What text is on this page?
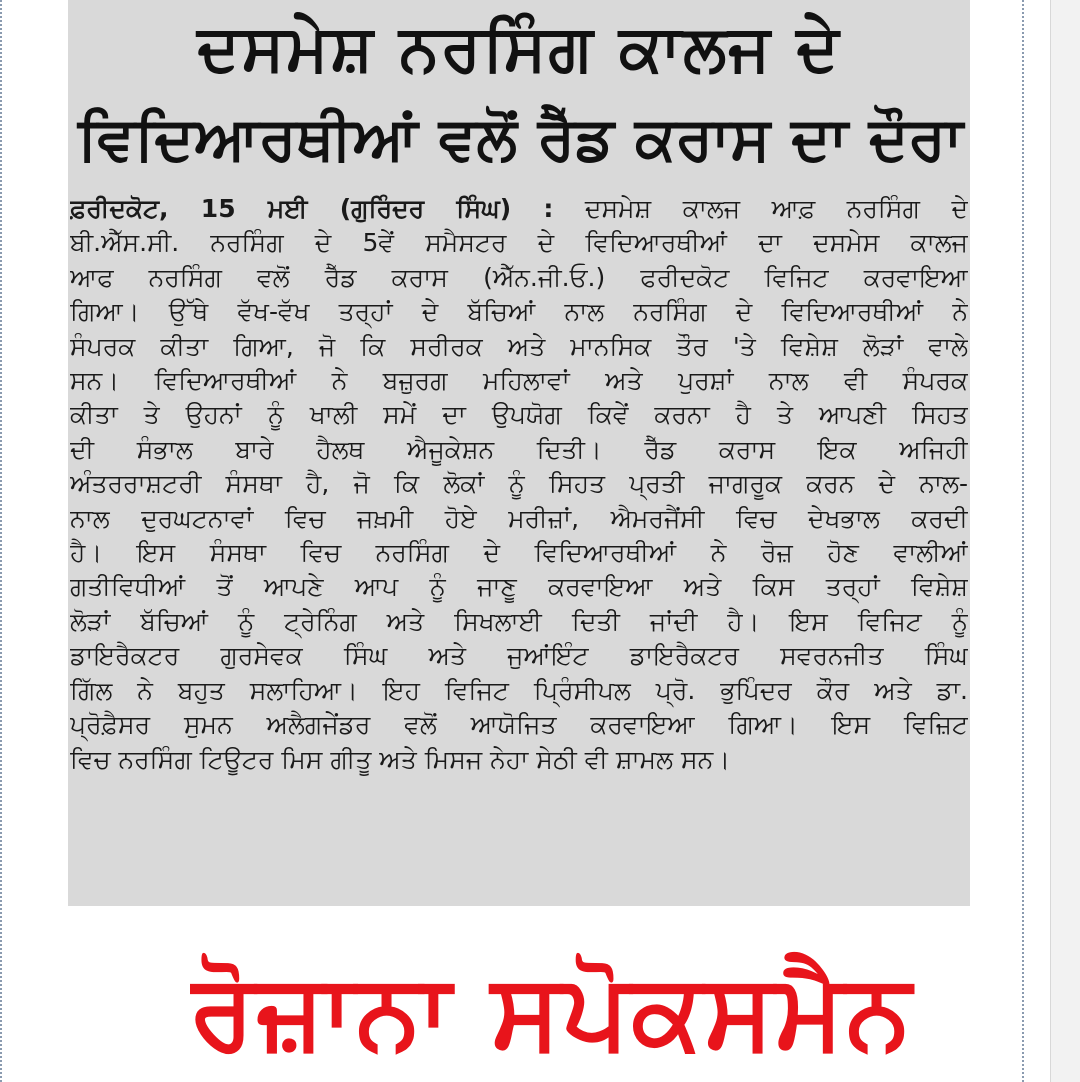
ਦਸਮੇਸ਼ ਨਰਸਿੰਗ ਕਾਲਜ ਦੇ
ਵਿਦਿਆਰਥੀਆਂ ਵਲੋਂ ਰੈੱਡ ਕਰਾਸ ਦਾ ਦੌਰਾ
ਫ਼ਰੀਦਕੋਟ, 15 ਮਈ (ਗੁਰਿੰਦਰ ਸਿੰਘ) : ਦਸਮੇਸ਼ ਕਾਲਜ ਆਫ਼ ਨਰਸਿੰਗ ਦੇ
ਬੀ.ਐੱਸ.ਸੀ. ਨਰਸਿੰਗ ਦੇ 5ਵੇਂ ਸਮੈਸਟਰ ਦੇ ਵਿਦਿਆਰਥੀਆਂ ਦਾ ਦਸਮੇਸ ਕਾਲਜ
ਆਫ ਨਰਸਿੰਗ ਵਲੋਂ ਰੈੱਡ ਕਰਾਸ (ਐੱਨ.ਜੀ.ਓ.) ਫਰੀਦਕੋਟ ਵਿਜਿਟ ਕਰਵਾਇਆ
ਗਿਆ। ਉੱਥੇ ਵੱਖ-ਵੱਖ ਤਰ੍ਹਾਂ ਦੇ ਬੱਚਿਆਂ ਨਾਲ ਨਰਸਿੰਗ ਦੇ ਵਿਦਿਆਰਥੀਆਂ ਨੇ
ਸੰਪਰਕ ਕੀਤਾ ਗਿਆ, ਜੋ ਕਿ ਸਰੀਰਕ ਅਤੇ ਮਾਨਸਿਕ ਤੌਰ 'ਤੇ ਵਿਸ਼ੇਸ਼ ਲੋੜਾਂ ਵਾਲੇ
ਸਨ। ਵਿਦਿਆਰਥੀਆਂ ਨੇ ਬਜ਼ੁਰਗ ਮਹਿਲਾਵਾਂ ਅਤੇ ਪੁਰਸ਼ਾਂ ਨਾਲ ਵੀ ਸੰਪਰਕ
ਕੀਤਾ ਤੇ ਉਹਨਾਂ ਨੂੰ ਖਾਲੀ ਸਮੇਂ ਦਾ ਉਪਯੋਗ ਕਿਵੇਂ ਕਰਨਾ ਹੈ ਤੇ ਆਪਣੀ ਸਿਹਤ
ਦੀ ਸੰਭਾਲ ਬਾਰੇ ਹੈਲਥ ਐਜੂਕੇਸ਼ਨ ਦਿਤੀ। ਰੈੱਡ ਕਰਾਸ ਇਕ ਅਜਿਹੀ
ਅੰਤਰਰਾਸ਼ਟਰੀ ਸੰਸਥਾ ਹੈ, ਜੋ ਕਿ ਲੋਕਾਂ ਨੂੰ ਸਿਹਤ ਪ੍ਰਤੀ ਜਾਗਰੂਕ ਕਰਨ ਦੇ ਨਾਲ-
ਨਾਲ ਦੁਰਘਟਨਾਵਾਂ ਵਿਚ ਜਖ਼ਮੀ ਹੋਏ ਮਰੀਜ਼ਾਂ, ਐਮਰਜੈਂਸੀ ਵਿਚ ਦੇਖਭਾਲ ਕਰਦੀ
ਹੈ। ਇਸ ਸੰਸਥਾ ਵਿਚ ਨਰਸਿੰਗ ਦੇ ਵਿਦਿਆਰਥੀਆਂ ਨੇ ਰੋਜ਼ ਹੋਣ ਵਾਲੀਆਂ
ਗਤੀਵਿਧੀਆਂ ਤੋਂ ਆਪਣੇ ਆਪ ਨੂੰ ਜਾਣੂ ਕਰਵਾਇਆ ਅਤੇ ਕਿਸ ਤਰ੍ਹਾਂ ਵਿਸ਼ੇਸ਼
ਲੋੜਾਂ ਬੱਚਿਆਂ ਨੂੰ ਟ੍ਰੇਨਿੰਗ ਅਤੇ ਸਿਖਲਾਈ ਦਿਤੀ ਜਾਂਦੀ ਹੈ। ਇਸ ਵਿਜਿਟ ਨੂੰ
ਡਾਇਰੈਕਟਰ ਗੁਰਸੇਵਕ ਸਿੰਘ ਅਤੇ ਜੁਆਂਇੰਟ ਡਾਇਰੈਕਟਰ ਸਵਰਨਜੀਤ ਸਿੰਘ
ਗਿੱਲ ਨੇ ਬਹੁਤ ਸਲਾਹਿਆ। ਇਹ ਵਿਜਿਟ ਪ੍ਰਿੰਸੀਪਲ ਪ੍ਰੋ. ਭੁਪਿੰਦਰ ਕੌਰ ਅਤੇ ਡਾ.
ਪ੍ਰੋਫ਼ੈਸਰ ਸੁਮਨ ਅਲੈਗਜੇਂਡਰ ਵਲੋਂ ਆਯੋਜਿਤ ਕਰਵਾਇਆ ਗਿਆ। ਇਸ ਵਿਜ਼ਿਟ
ਵਿਚ ਨਰਸਿੰਗ ਟਿਊਟਰ ਮਿਸ ਗੀਤੂ ਅਤੇ ਮਿਸਜ ਨੇਹਾ ਸੇਠੀ ਵੀ ਸ਼ਾਮਲ ਸਨ।
ਰੋਜ਼ਾਨਾ ਸਪੋਕਸਮੈਨ
